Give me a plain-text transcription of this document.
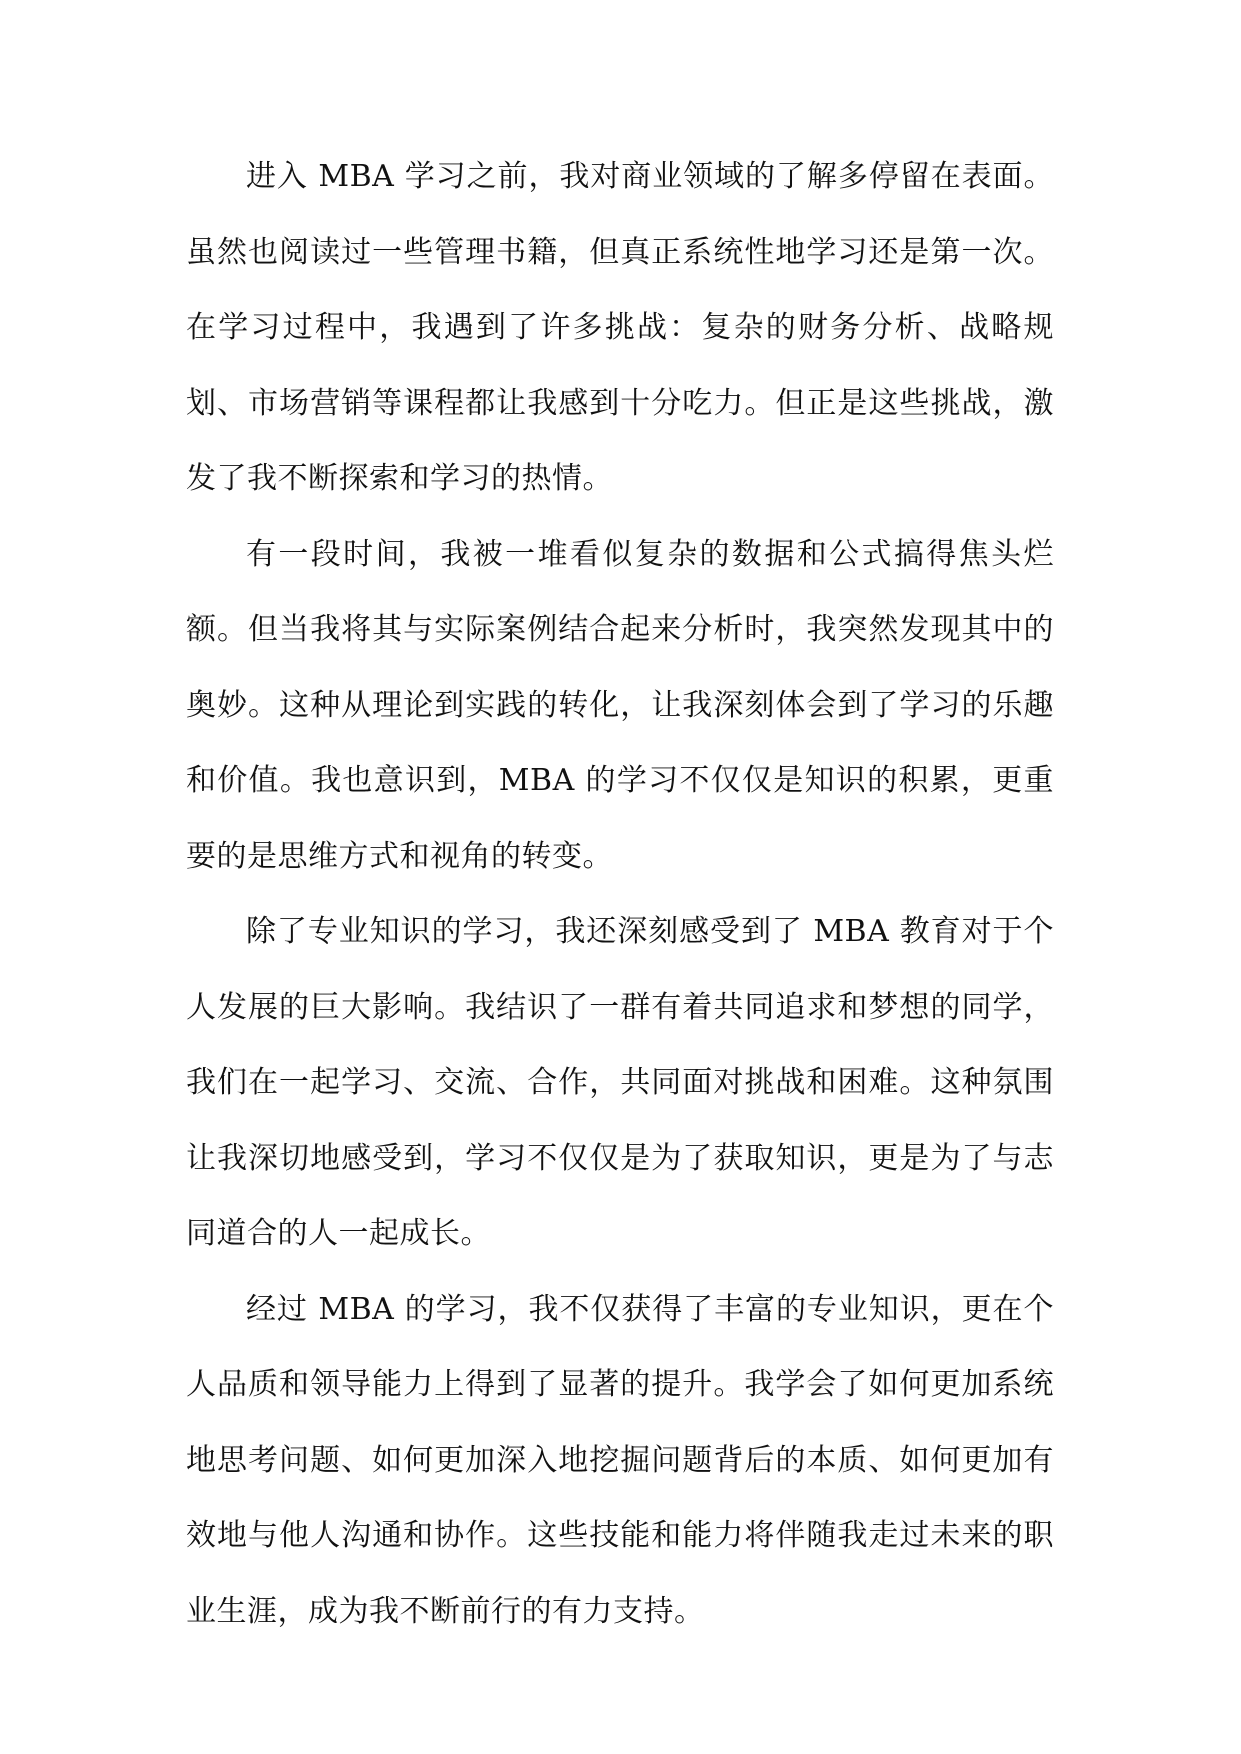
进入 MBA 学习之前，我对商业领域的了解多停留在表面。虽然也阅读过一些管理书籍，但真正系统性地学习还是第一次。在学习过程中，我遇到了许多挑战：复杂的财务分析、战略规划、市场营销等课程都让我感到十分吃力。但正是这些挑战，激发了我不断探索和学习的热情。

有一段时间，我被一堆看似复杂的数据和公式搞得焦头烂额。但当我将其与实际案例结合起来分析时，我突然发现其中的奥妙。这种从理论到实践的转化，让我深刻体会到了学习的乐趣和价值。我也意识到，MBA 的学习不仅仅是知识的积累，更重要的是思维方式和视角的转变。

除了专业知识的学习，我还深刻感受到了 MBA 教育对于个人发展的巨大影响。我结识了一群有着共同追求和梦想的同学，我们在一起学习、交流、合作，共同面对挑战和困难。这种氛围让我深切地感受到，学习不仅仅是为了获取知识，更是为了与志同道合的人一起成长。

经过 MBA 的学习，我不仅获得了丰富的专业知识，更在个人品质和领导能力上得到了显著的提升。我学会了如何更加系统地思考问题、如何更加深入地挖掘问题背后的本质、如何更加有效地与他人沟通和协作。这些技能和能力将伴随我走过未来的职业生涯，成为我不断前行的有力支持。
